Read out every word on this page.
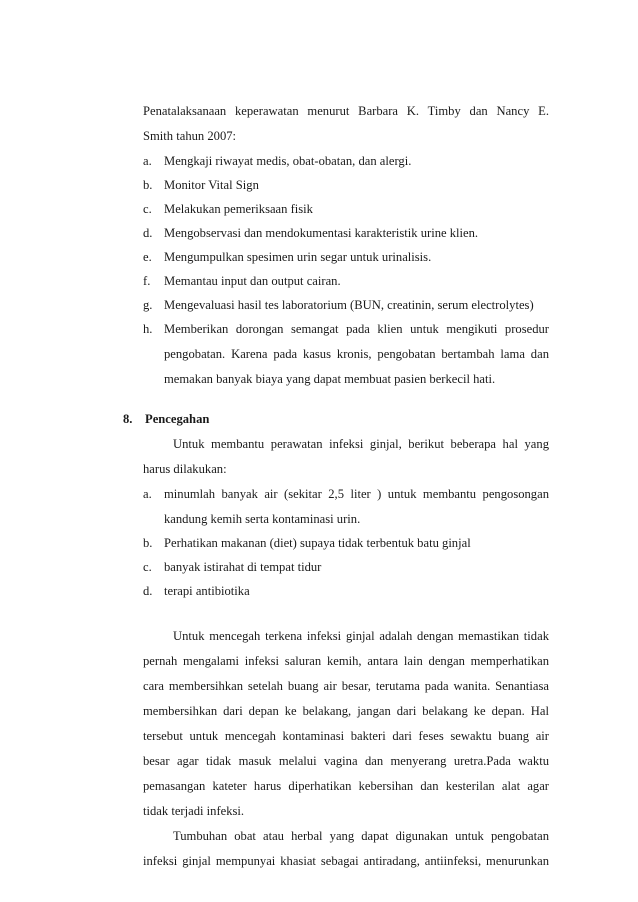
Penatalaksanaan keperawatan menurut Barbara K. Timby dan Nancy E.
Smith tahun 2007:
a. Mengkaji riwayat medis, obat-obatan, dan alergi.
b. Monitor Vital Sign
c. Melakukan pemeriksaan fisik
d. Mengobservasi dan mendokumentasi karakteristik urine klien.
e. Mengumpulkan spesimen urin segar untuk urinalisis.
f. Memantau input dan output cairan.
g. Mengevaluasi hasil tes laboratorium (BUN, creatinin, serum electrolytes)
h. Memberikan dorongan semangat pada klien untuk mengikuti prosedur
pengobatan. Karena pada kasus kronis, pengobatan bertambah lama dan
memakan banyak biaya yang dapat membuat pasien berkecil hati.
8. Pencegahan
Untuk membantu perawatan infeksi ginjal, berikut beberapa hal yang
harus dilakukan:
a. minumlah banyak air (sekitar 2,5 liter ) untuk membantu pengosongan
kandung kemih serta kontaminasi urin.
b. Perhatikan makanan (diet) supaya tidak terbentuk batu ginjal
c. banyak istirahat di tempat tidur
d. terapi antibiotika
Untuk mencegah terkena infeksi ginjal adalah dengan memastikan tidak
pernah mengalami infeksi saluran kemih, antara lain dengan memperhatikan
cara membersihkan setelah buang air besar, terutama pada wanita. Senantiasa
membersihkan dari depan ke belakang, jangan dari belakang ke depan. Hal
tersebut untuk mencegah kontaminasi bakteri dari feses sewaktu buang air
besar agar tidak masuk melalui vagina dan menyerang uretra.Pada waktu
pemasangan kateter harus diperhatikan kebersihan dan kesterilan alat agar
tidak terjadi infeksi.
Tumbuhan obat atau herbal yang dapat digunakan untuk pengobatan
infeksi ginjal mempunyai khasiat sebagai antiradang, antiinfeksi, menurunkan
